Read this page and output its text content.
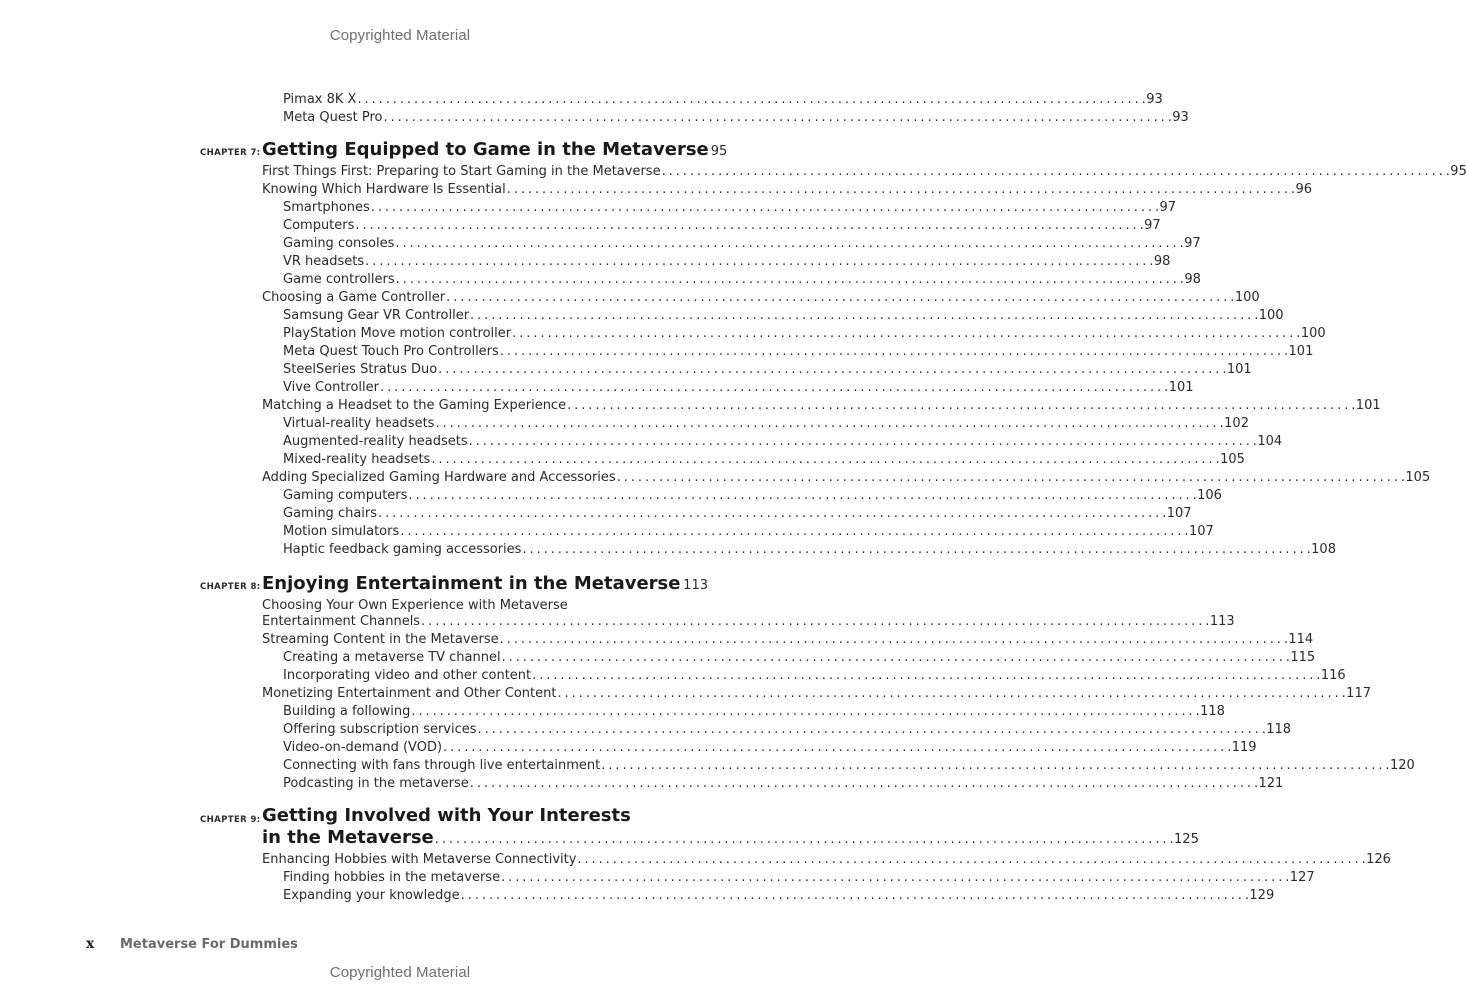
Copyrighted Material
Pimax 8K X . . .	93
Meta Quest Pro . . .	93
CHAPTER 7: Getting Equipped to Game in the Metaverse 95
First Things First: Preparing to Start Gaming in the Metaverse . . .	95
Knowing Which Hardware Is Essential . . .	96
Smartphones . . .	97
Computers . . .	97
Gaming consoles . . .	97
VR headsets . . .	98
Game controllers . . .	98
Choosing a Game Controller . . .	100
Samsung Gear VR Controller . . .	100
PlayStation Move motion controller . . .	100
Meta Quest Touch Pro Controllers . . .	101
SteelSeries Stratus Duo . . .	101
Vive Controller . . .	101
Matching a Headset to the Gaming Experience . . .	101
Virtual-reality headsets . . .	102
Augmented-reality headsets . . .	104
Mixed-reality headsets . . .	105
Adding Specialized Gaming Hardware and Accessories . . .	105
Gaming computers . . .	106
Gaming chairs . . .	107
Motion simulators . . .	107
Haptic feedback gaming accessories . . .	108
CHAPTER 8: Enjoying Entertainment in the Metaverse . . . 113
Choosing Your Own Experience with Metaverse
Entertainment Channels . . .	113
Streaming Content in the Metaverse . . .	114
Creating a metaverse TV channel . . .	115
Incorporating video and other content . . .	116
Monetizing Entertainment and Other Content . . .	117
Building a following . . .	118
Offering subscription services . . .	118
Video-on-demand (VOD) . . .	119
Connecting with fans through live entertainment . . .	120
Podcasting in the metaverse . . .	121
CHAPTER 9: Getting Involved with Your Interests
in the Metaverse . . .	125
Enhancing Hobbies with Metaverse Connectivity . . .	126
Finding hobbies in the metaverse . . .	127
Expanding your knowledge . . .	129
x Metaverse For Dummies
Copyrighted Material
